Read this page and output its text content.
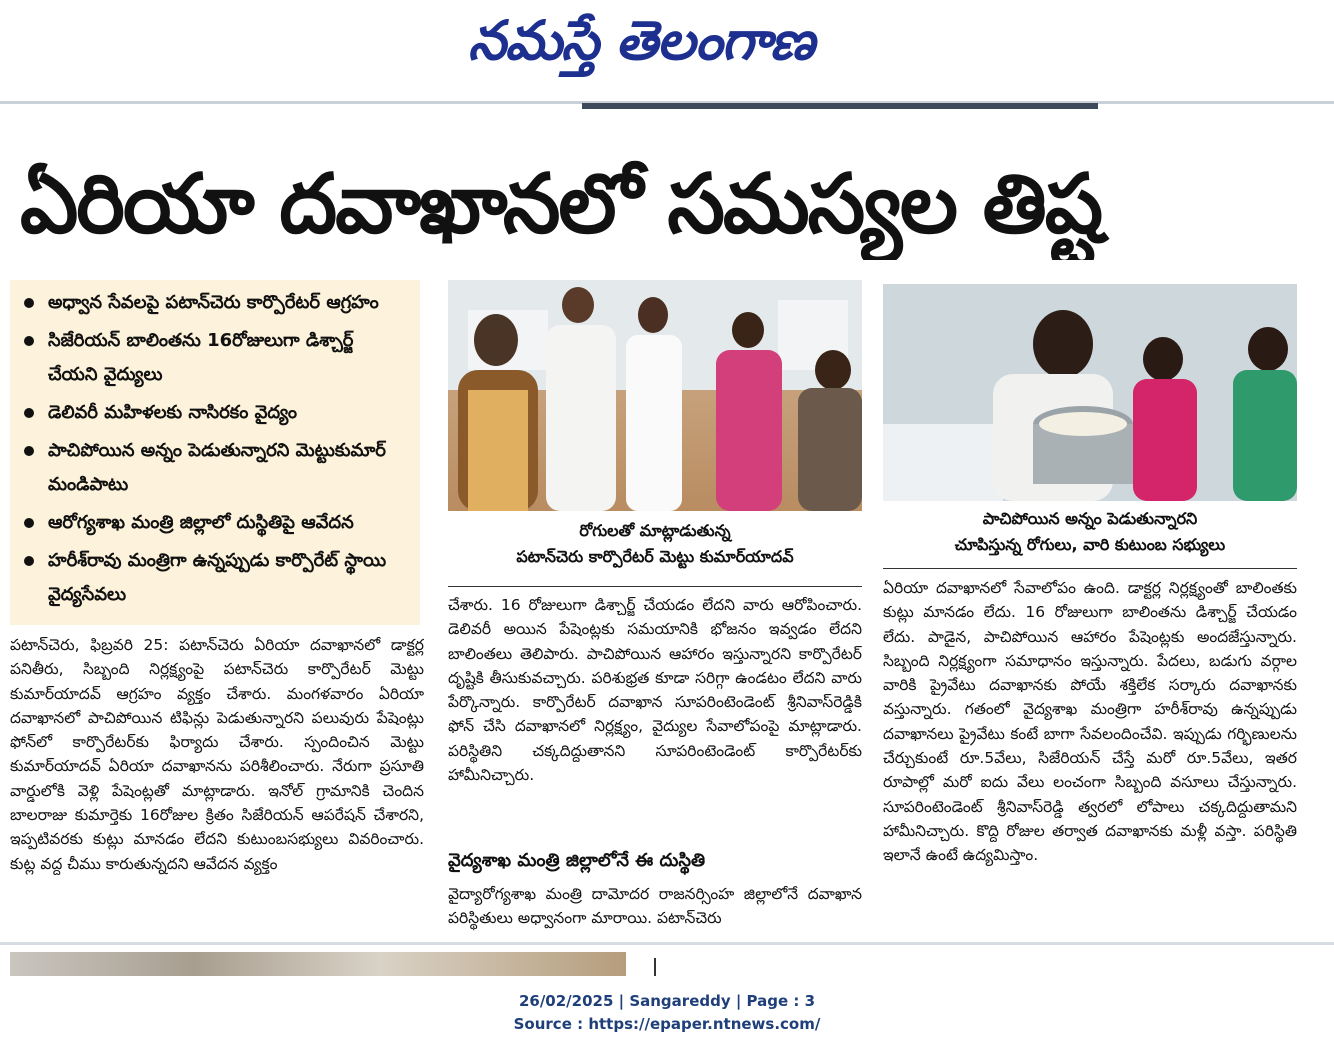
నమస్తే తెలంగాణ
ఏరియా దవాఖానలో సమస్యల తిష్ట
అధ్వాన సేవలపై పటాన్‌చెరు కార్పొరేటర్ ఆగ్రహం
సిజేరియన్ బాలింతను 16రోజులుగా డిశ్చార్జ్ చేయని వైద్యులు
డెలివరీ మహిళలకు నాసిరకం వైద్యం
పాచిపోయిన అన్నం పెడుతున్నారని మెట్టుకుమార్ మండిపాటు
ఆరోగ్యశాఖ మంత్రి జిల్లాలో దుస్థితిపై ఆవేదన
హరీశ్‌రావు మంత్రిగా ఉన్నప్పుడు కార్పొరేట్ స్థాయి వైద్యసేవలు
రోగులతో మాట్లాడుతున్న
పటాన్‌చెరు కార్పొరేటర్ మెట్టు కుమార్‌యాదవ్
పాచిపోయిన అన్నం పెడుతున్నారని
చూపిస్తున్న రోగులు, వారి కుటుంబ సభ్యులు
పటాన్‌చెరు, ఫిబ్రవరి 25: పటాన్‌చెరు ఏరియా దవాఖానలో డాక్టర్ల పనితీరు, సిబ్బంది నిర్లక్ష్యంపై పటాన్‌చెరు కార్పొరేటర్ మెట్టు కుమార్‌యాదవ్ ఆగ్రహం వ్యక్తం చేశారు. మంగళవారం ఏరియా దవాఖానలో పాచిపోయిన టిఫిన్లు పెడుతున్నారని పలువురు పేషెంట్లు ఫోన్‌లో కార్పొరేటర్‌కు ఫిర్యాదు చేశారు. స్పందించిన మెట్టు కుమార్‌యాదవ్ ఏరియా దవాఖానను పరిశీలించారు. నేరుగా ప్రసూతి వార్డులోకి వెళ్లి పేషెంట్లతో మాట్లాడారు. ఇనోల్ గ్రామానికి చెందిన బాలరాజు కుమార్తెకు 16రోజుల క్రితం సిజేరియన్ ఆపరేషన్ చేశారని, ఇప్పటివరకు కుట్లు మానడం లేదని కుటుంబసభ్యులు వివరించారు. కుట్ల వద్ద చీము కారుతున్నదని ఆవేదన వ్యక్తం
చేశారు. 16 రోజులుగా డిశ్చార్జ్ చేయడం లేదని వారు ఆరోపించారు. డెలివరీ అయిన పేషెంట్లకు సమయానికి భోజనం ఇవ్వడం లేదని బాలింతలు తెలిపారు. పాచిపోయిన ఆహారం ఇస్తున్నారని కార్పొరేటర్ దృష్టికి తీసుకువచ్చారు. పరిశుభ్రత కూడా సరిగ్గా ఉండటం లేదని వారు పేర్కొన్నారు. కార్పొరేటర్ దవాఖాన సూపరింటెండెంట్ శ్రీనివాస్‌రెడ్డికి ఫోన్ చేసి దవాఖానలో నిర్లక్ష్యం, వైద్యుల సేవాలోపంపై మాట్లాడారు. పరిస్థితిని చక్కదిద్దుతానని సూపరింటెండెంట్ కార్పొరేటర్‌కు హామీనిచ్చారు.
వైద్యశాఖ మంత్రి జిల్లాలోనే ఈ దుస్థితి
వైద్యారోగ్యశాఖ మంత్రి దామోదర రాజనర్సింహ జిల్లాలోనే దవాఖాన పరిస్థితులు అధ్వానంగా మారాయి. పటాన్‌చెరు
ఏరియా దవాఖానలో సేవాలోపం ఉంది. డాక్టర్ల నిర్లక్ష్యంతో బాలింతకు కుట్లు మానడం లేదు. 16 రోజులుగా బాలింతను డిశ్చార్జ్ చేయడం లేదు. పాడైన, పాచిపోయిన ఆహారం పేషెంట్లకు అందజేస్తున్నారు. సిబ్బంది నిర్లక్ష్యంగా సమాధానం ఇస్తున్నారు. పేదలు, బడుగు వర్గాల వారికి ప్రైవేటు దవాఖానకు పోయే శక్తిలేక సర్కారు దవాఖానకు వస్తున్నారు. గతంలో వైద్యశాఖ మంత్రిగా హరీశ్‌రావు ఉన్నప్పుడు దవాఖానలు ప్రైవేటు కంటే బాగా సేవలందించేవి. ఇప్పుడు గర్భిణులను చేర్చుకుంటే రూ.5వేలు, సిజేరియన్ చేస్తే మరో రూ.5వేలు, ఇతర రూపాల్లో మరో ఐదు వేలు లంచంగా సిబ్బంది వసూలు చేస్తున్నారు. సూపరింటెండెంట్ శ్రీనివాస్‌రెడ్డి త్వరలో లోపాలు చక్కదిద్దుతామని హామీనిచ్చారు. కొద్ది రోజుల తర్వాత దవాఖానకు మళ్లీ వస్తా. పరిస్థితి ఇలానే ఉంటే ఉద్యమిస్తాం.
26/02/2025 | Sangareddy | Page : 3
Source : https://epaper.ntnews.com/
